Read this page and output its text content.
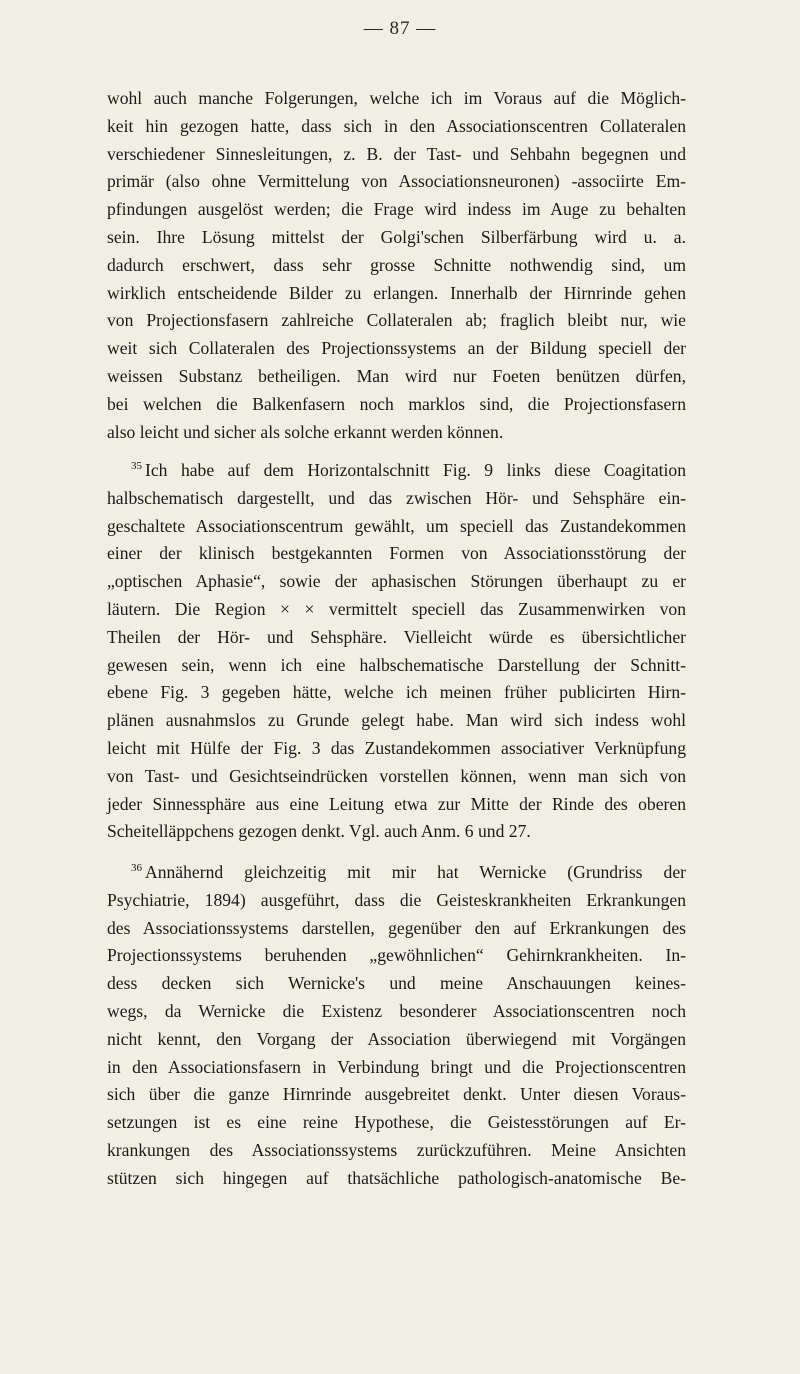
— 87 —
wohl auch manche Folgerungen, welche ich im Voraus auf die Möglich-
keit hin gezogen hatte, dass sich in den Associationscentren Collateralen
verschiedener Sinnesleitungen, z. B. der Tast- und Sehbahn begegnen und
primär (also ohne Vermittelung von Associationsneuronen) -associirte Em-
pfindungen ausgelöst werden; die Frage wird indess im Auge zu behalten
sein. Ihre Lösung mittelst der Golgi'schen Silberfärbung wird u. a.
dadurch erschwert, dass sehr grosse Schnitte nothwendig sind, um
wirklich entscheidende Bilder zu erlangen. Innerhalb der Hirnrinde gehen
von Projectionsfasern zahlreiche Collateralen ab; fraglich bleibt nur, wie
weit sich Collateralen des Projectionssystems an der Bildung speciell der
weissen Substanz betheiligen. Man wird nur Foeten benützen dürfen,
bei welchen die Balkenfasern noch marklos sind, die Projectionsfasern
also leicht und sicher als solche erkannt werden können.
$^{35}$ Ich habe auf dem Horizontalschnitt Fig. 9 links diese Coagitation
halbschematisch dargestellt, und das zwischen Hör- und Sehsphäre ein-
geschaltete Associationscentrum gewählt, um speciell das Zustandekommen
einer der klinisch bestgekannten Formen von Associationsstörung der
„optischen Aphasie“, sowie der aphasischen Störungen überhaupt zu er
läutern. Die Region × × vermittelt speciell das Zusammenwirken von
Theilen der Hör- und Sehsphäre. Vielleicht würde es übersichtlicher
gewesen sein, wenn ich eine halbschematische Darstellung der Schnitt-
ebene Fig. 3 gegeben hätte, welche ich meinen früher publicirten Hirn-
plänen ausnahmslos zu Grunde gelegt habe. Man wird sich indess wohl
leicht mit Hülfe der Fig. 3 das Zustandekommen associativer Verknüpfung
von Tast- und Gesichtseindrücken vorstellen können, wenn man sich von
jeder Sinnessphäre aus eine Leitung etwa zur Mitte der Rinde des oberen
Scheitelläppchens gezogen denkt. Vgl. auch Anm. 6 und 27.
$^{36}$ Annähernd gleichzeitig mit mir hat Wernicke (Grundriss der
Psychiatrie, 1894) ausgeführt, dass die Geisteskrankheiten Erkrankungen
des Associationssystems darstellen, gegenüber den auf Erkrankungen des
Projectionssystems beruhenden „gewöhnlichen“ Gehirnkrankheiten. In-
dess decken sich Wernicke's und meine Anschauungen keines-
wegs, da Wernicke die Existenz besonderer Associationscentren noch
nicht kennt, den Vorgang der Association überwiegend mit Vorgängen
in den Associationsfasern in Verbindung bringt und die Projectionscentren
sich über die ganze Hirnrinde ausgebreitet denkt. Unter diesen Voraus-
setzungen ist es eine reine Hypothese, die Geistesstörungen auf Er-
krankungen des Associationssystems zurückzuführen. Meine Ansichten
stützen sich hingegen auf thatsächliche pathologisch-anatomische Be-
